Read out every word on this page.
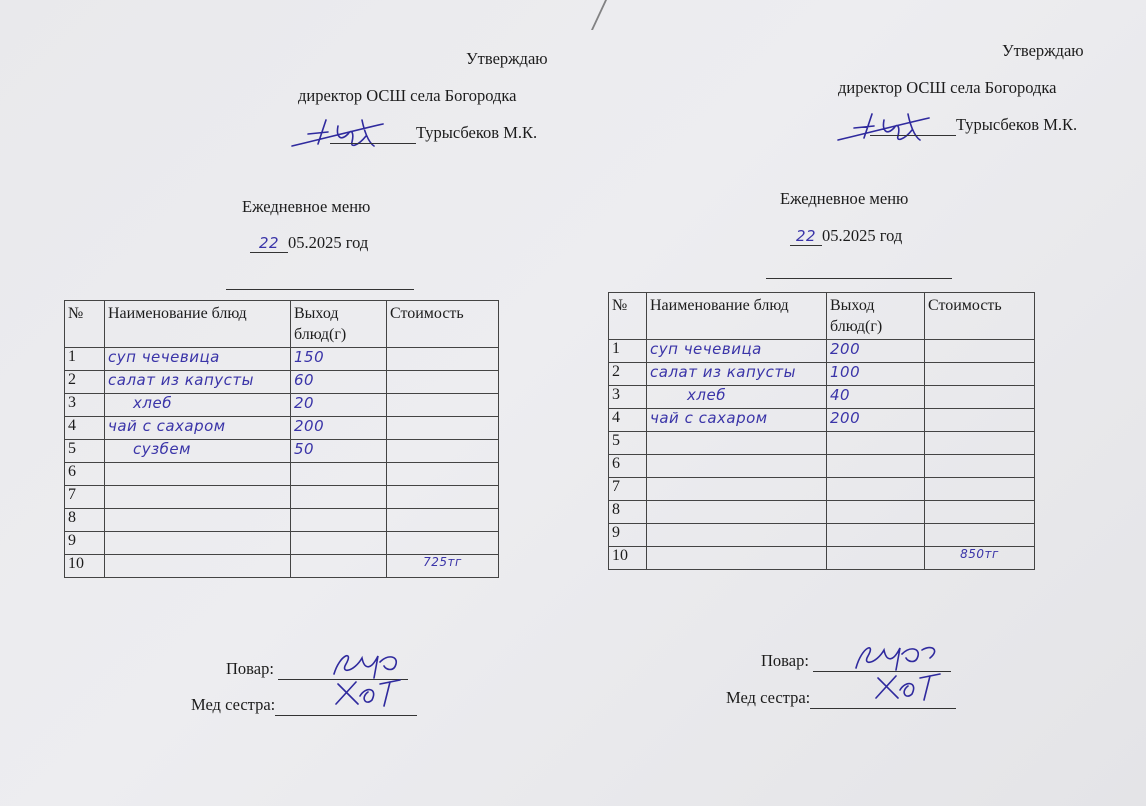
Утверждаю
директор ОСШ села Богородка
Турысбеков М.К.
Ежедневное меню
22 05.2025 год
№	Наименование блюд	Выход блюд(г)	Стоимость
1	суп чечевица	150	
2	салат из капусты	60	
3	хлеб	20	
4	чай с сахаром	200	
5	сузбем	50	
6			
7			
8			
9			
10			725тг
Повар:
Мед сестра:
Утверждаю
директор ОСШ села Богородка
Турысбеков М.К.
Ежедневное меню
22 05.2025 год
№	Наименование блюд	Выход блюд(г)	Стоимость
1	суп чечевица	200	
2	салат из капусты	100	
3	хлеб	40	
4	чай с сахаром	200	
5			
6			
7			
8			
9			
10			850тг
Повар:
Мед сестра:
